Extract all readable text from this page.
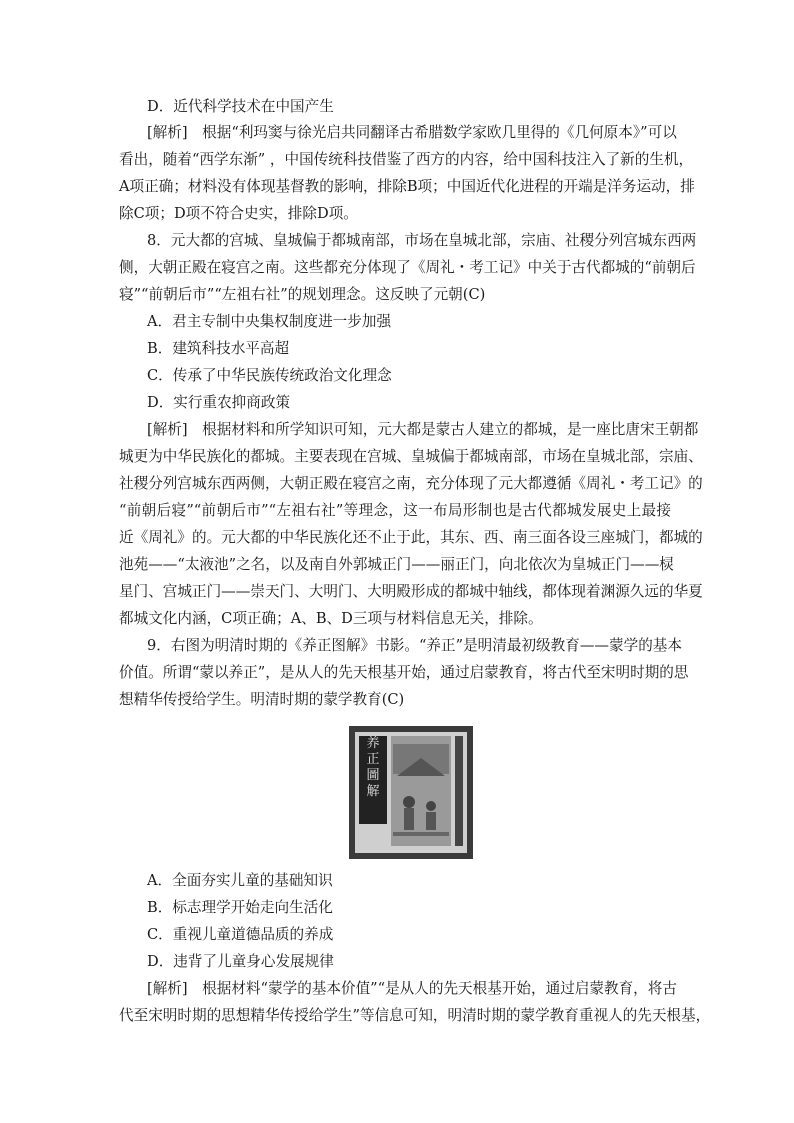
D．近代科学技术在中国产生
[解析]　根据“利玛窦与徐光启共同翻译古希腊数学家欧几里得的《几何原本》”可以
看出，随着“西学东渐” ，中国传统科技借鉴了西方的内容，给中国科技注入了新的生机，
A项正确；材料没有体现基督教的影响，排除B项；中国近代化进程的开端是洋务运动，排
除C项；D项不符合史实，排除D项。
8．元大都的宫城、皇城偏于都城南部，市场在皇城北部，宗庙、社稷分列宫城东西两
侧，大朝正殿在寝宫之南。这些都充分体现了《周礼・考工记》中关于古代都城的“前朝后
寝”“前朝后市”“左祖右社”的规划理念。这反映了元朝(C)
A．君主专制中央集权制度进一步加强
B．建筑科技水平高超
C．传承了中华民族传统政治文化理念
D．实行重农抑商政策
[解析]　根据材料和所学知识可知，元大都是蒙古人建立的都城，是一座比唐宋王朝都
城更为中华民族化的都城。主要表现在宫城、皇城偏于都城南部，市场在皇城北部，宗庙、
社稷分列宫城东西两侧，大朝正殿在寝宫之南，充分体现了元大都遵循《周礼・考工记》的
“前朝后寝”“前朝后市”“左祖右社”等理念，这一布局形制也是古代都城发展史上最接
近《周礼》的。元大都的中华民族化还不止于此，其东、西、南三面各设三座城门，都城的
池苑——“太液池”之名，以及南自外郭城正门——丽正门，向北依次为皇城正门——棂
星门、宫城正门——崇天门、大明门、大明殿形成的都城中轴线，都体现着渊源久远的华夏
都城文化内涵，C项正确；A、B、D三项与材料信息无关，排除。
9．右图为明清时期的《养正图解》书影。“养正”是明清最初级教育——蒙学的基本
价值。所谓“蒙以养正”，是从人的先天根基开始，通过启蒙教育，将古代至宋明时期的思
想精华传授给学生。明清时期的蒙学教育(C)
养
正
圖
解
A．全面夯实儿童的基础知识
B．标志理学开始走向生活化
C．重视儿童道德品质的养成
D．违背了儿童身心发展规律
[解析]　根据材料“蒙学的基本价值”“是从人的先天根基开始，通过启蒙教育，将古
代至宋明时期的思想精华传授给学生”等信息可知，明清时期的蒙学教育重视人的先天根基，
